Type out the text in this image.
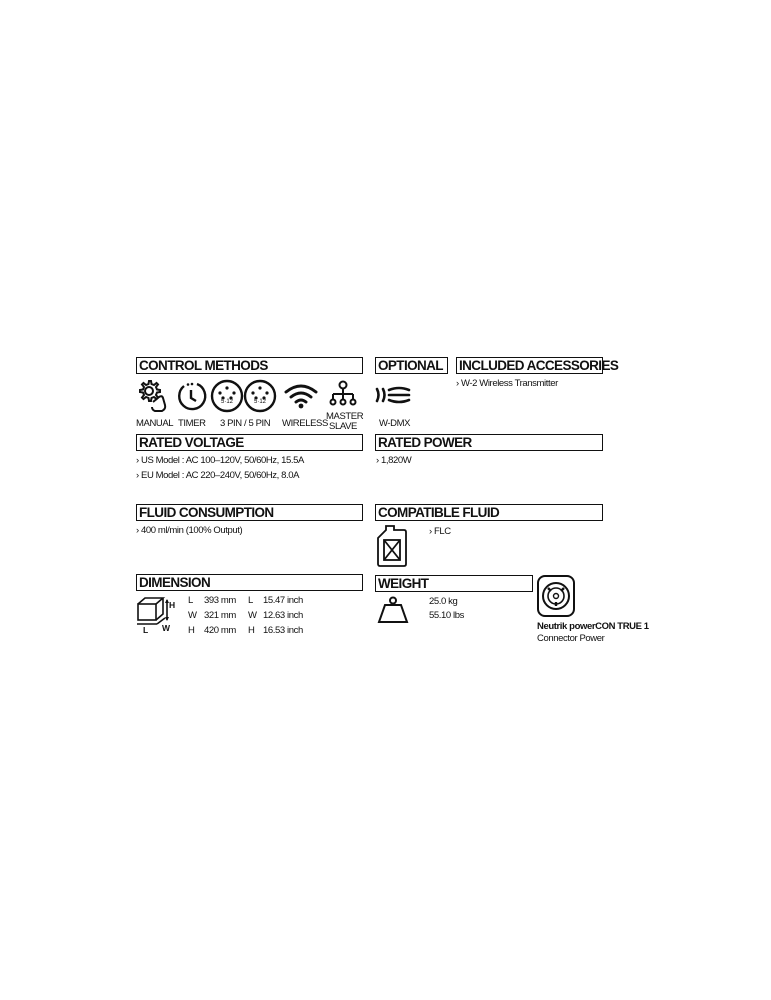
CONTROL METHODS
5·12	5·12
MANUAL TIMER 3 PIN / 5 PIN WIRELESS
MASTER
SLAVE
OPTIONAL
W-DMX
INCLUDED ACCESSORIES
› W-2 Wireless Transmitter
RATED VOLTAGE
› US Model : AC 100–120V, 50/60Hz, 15.5A
› EU Model : AC 220–240V, 50/60Hz, 8.0A
RATED POWER
› 1,820W
FLUID CONSUMPTION
› 400 ml/min (100% Output)
COMPATIBLE FLUID
› FLC
DIMENSION
H
L W
L 393 mm L 15.47 inch
W 321 mm W 12.63 inch
H 420 mm H 16.53 inch
WEIGHT
25.0 kg
55.10 lbs
Neutrik powerCON TRUE 1
Connector Power
